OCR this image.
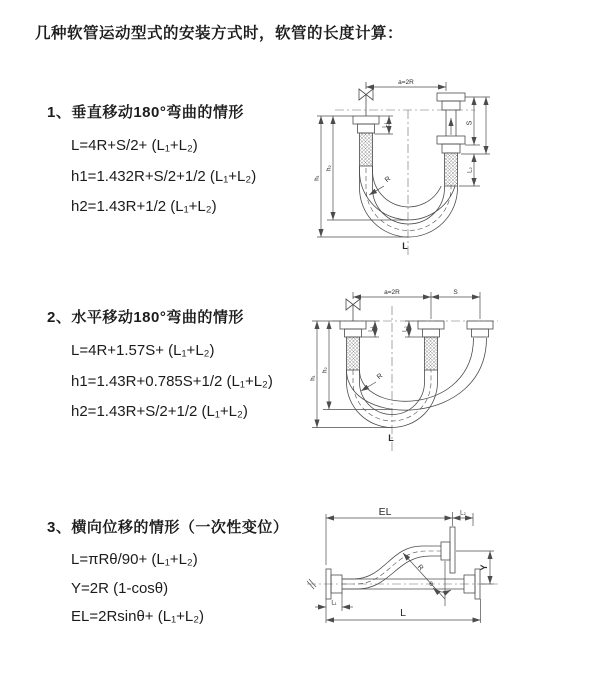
几种软管运动型式的安装方式时，软管的长度计算：
1、垂直移动180°弯曲的情形
L=4R+S/2+ (L₁+L₂)
h1=1.432R+S/2+1/2 (L₁+L₂)
h2=1.43R+1/2 (L₁+L₂)
2、水平移动180°弯曲的情形
L=4R+1.57S+ (L₁+L₂)
h1=1.43R+0.785S+1/2 (L₁+L₂)
h2=1.43R+S/2+1/2 (L₁+L₂)
3、横向位移的情形（一次性变位）
L=πRθ/90+ (L₁+L₂)
Y=2R (1-cosθ)
EL=2Rsinθ+ (L₁+L₂)
R
a=2R
S
L₂
L₁
h₁
h₂
L
a=2R	S
R
L₁	L₂
h₁
h₂
L
R
θ
EL	L₂
Y
L
L₁
